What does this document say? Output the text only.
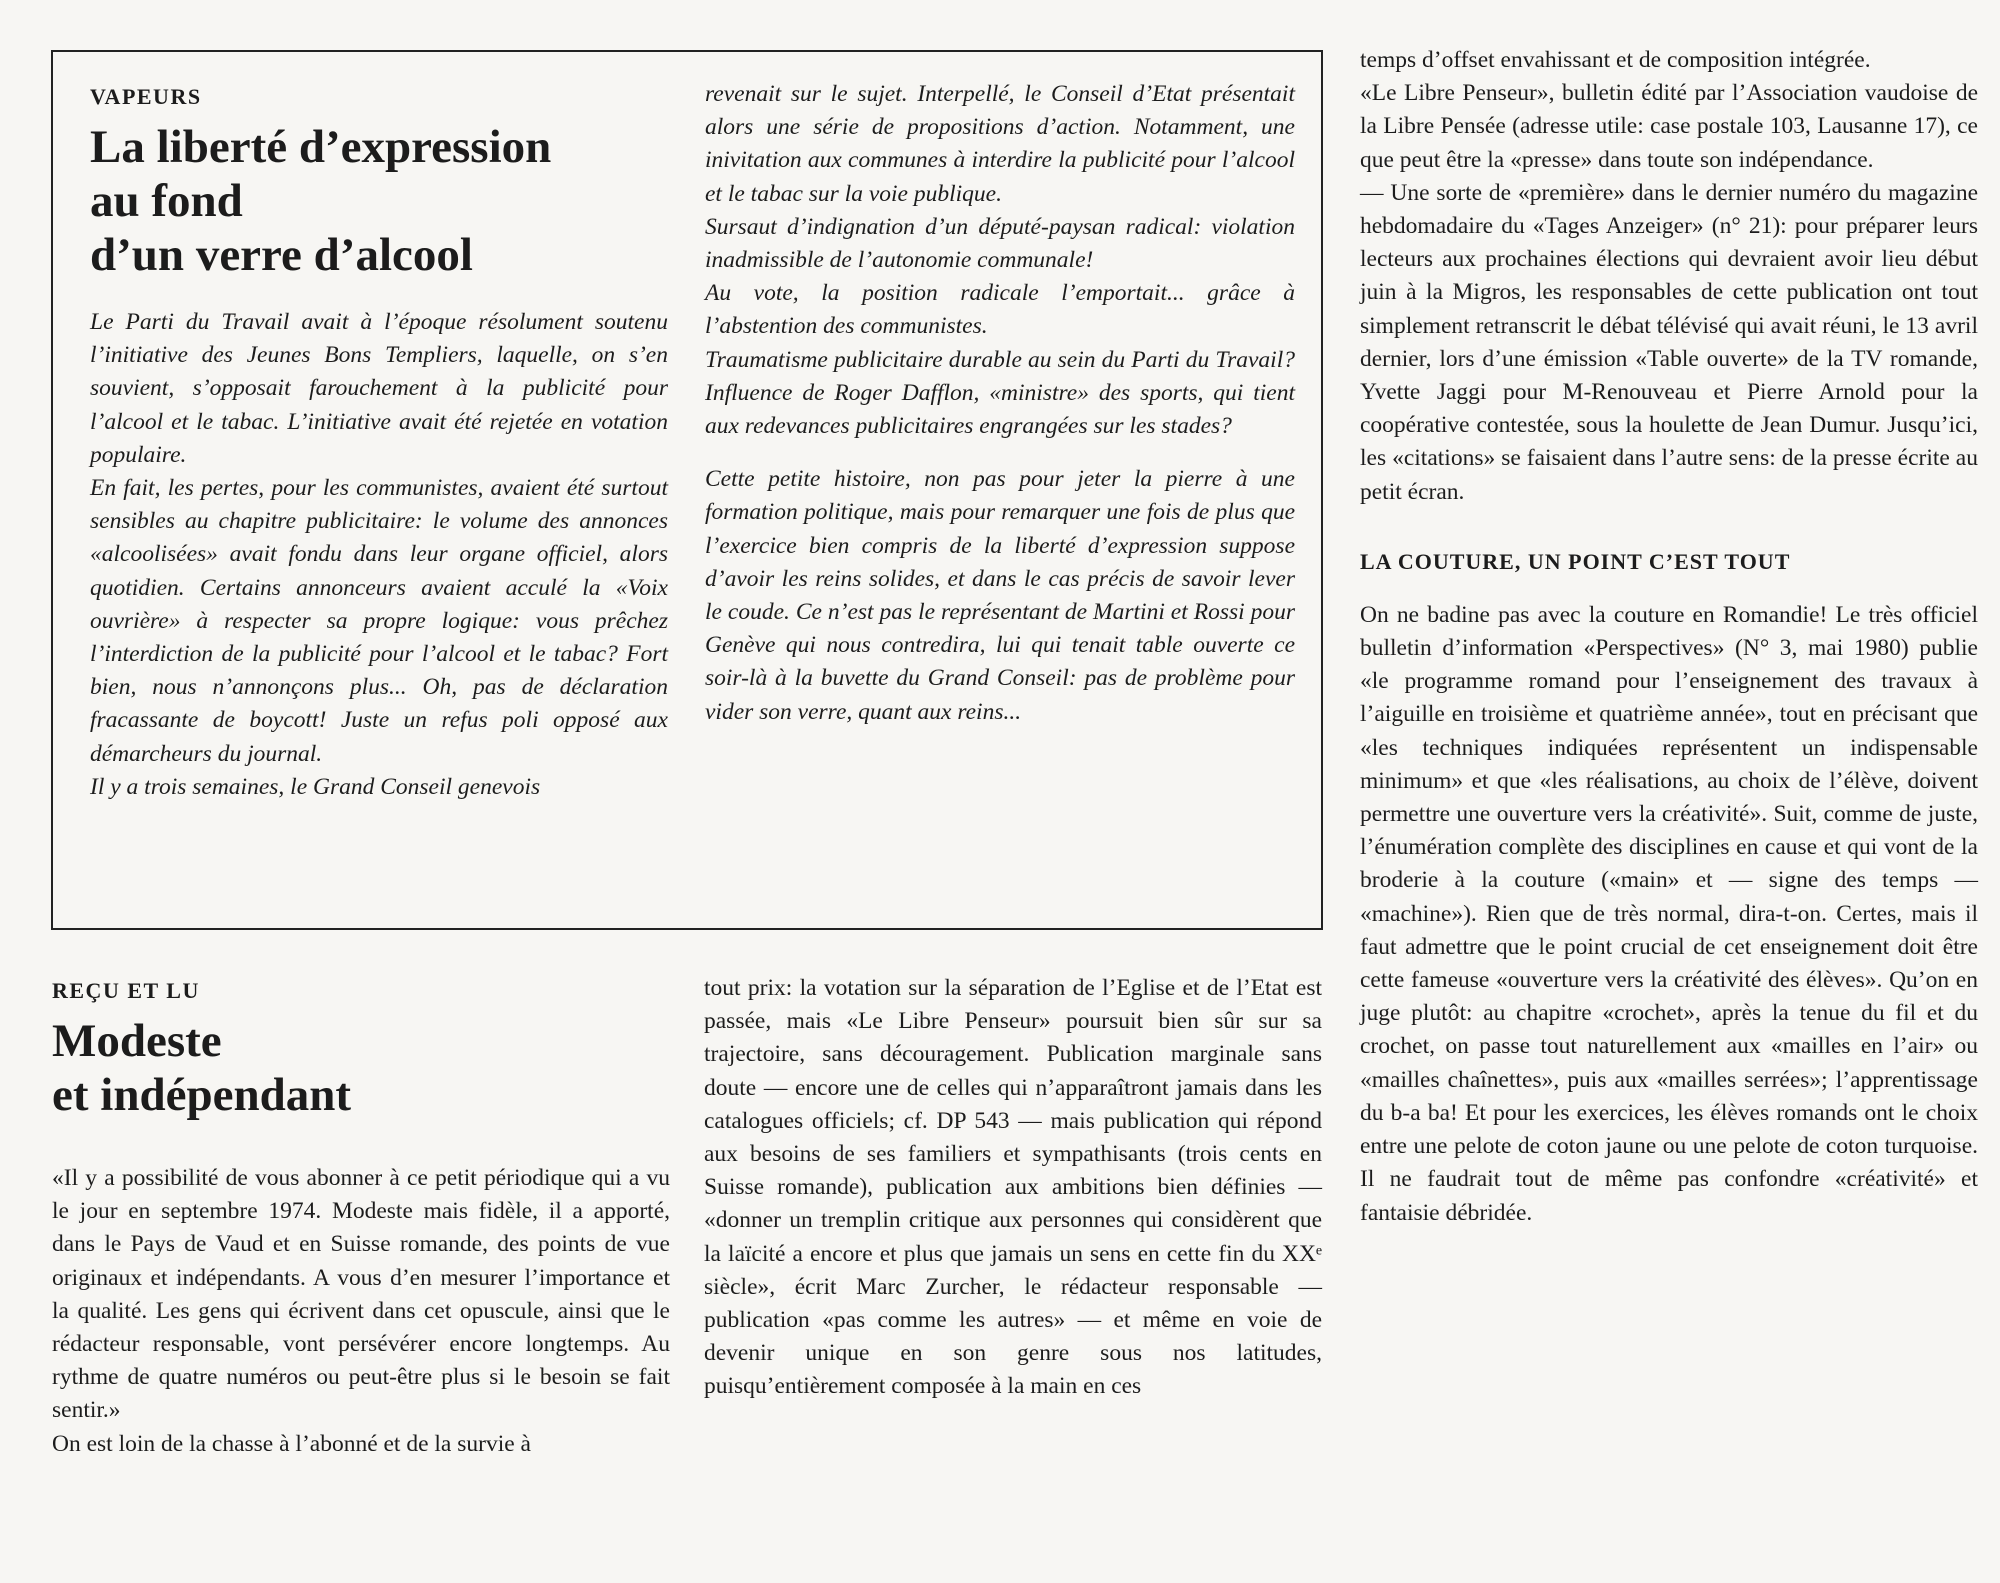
VAPEURS

La liberté d’expression
au fond
d’un verre d’alcool

Le Parti du Travail avait à l’époque résolument soutenu l’initiative des Jeunes Bons Templiers, laquelle, on s’en souvient, s’opposait farouchement à la publicité pour l’alcool et le tabac. L’initiative avait été rejetée en votation populaire.

En fait, les pertes, pour les communistes, avaient été surtout sensibles au chapitre publicitaire: le volume des annonces «alcoolisées» avait fondu dans leur organe officiel, alors quotidien. Certains annonceurs avaient acculé la «Voix ouvrière» à respecter sa propre logique: vous prêchez l’interdiction de la publicité pour l’alcool et le tabac? Fort bien, nous n’annonçons plus... Oh, pas de déclaration fracassante de boycott! Juste un refus poli opposé aux démarcheurs du journal.

Il y a trois semaines, le Grand Conseil genevois

revenait sur le sujet. Interpellé, le Conseil d’Etat présentait alors une série de propositions d’action. Notamment, une inivitation aux communes à interdire la publicité pour l’alcool et le tabac sur la voie publique.

Sursaut d’indignation d’un député-paysan radical: violation inadmissible de l’autonomie communale!

Au vote, la position radicale l’emportait... grâce à l’abstention des communistes.

Traumatisme publicitaire durable au sein du Parti du Travail? Influence de Roger Dafflon, «ministre» des sports, qui tient aux redevances publicitaires engrangées sur les stades?

Cette petite histoire, non pas pour jeter la pierre à une formation politique, mais pour remarquer une fois de plus que l’exercice bien compris de la liberté d’expression suppose d’avoir les reins solides, et dans le cas précis de savoir lever le coude. Ce n’est pas le représentant de Martini et Rossi pour Genève qui nous contredira, lui qui tenait table ouverte ce soir-là à la buvette du Grand Conseil: pas de problème pour vider son verre, quant aux reins...

REÇU ET LU

Modeste
et indépendant

«Il y a possibilité de vous abonner à ce petit périodique qui a vu le jour en septembre 1974. Modeste mais fidèle, il a apporté, dans le Pays de Vaud et en Suisse romande, des points de vue originaux et indépendants. A vous d’en mesurer l’importance et la qualité. Les gens qui écrivent dans cet opuscule, ainsi que le rédacteur responsable, vont persévérer encore longtemps. Au rythme de quatre numéros ou peut-être plus si le besoin se fait sentir.»

On est loin de la chasse à l’abonné et de la survie à

tout prix: la votation sur la séparation de l’Eglise et de l’Etat est passée, mais «Le Libre Penseur» poursuit bien sûr sur sa trajectoire, sans découragement. Publication marginale sans doute — encore une de celles qui n’apparaîtront jamais dans les catalogues officiels; cf. DP 543 — mais publication qui répond aux besoins de ses familiers et sympathisants (trois cents en Suisse romande), publication aux ambitions bien définies — «donner un tremplin critique aux personnes qui considèrent que la laïcité a encore et plus que jamais un sens en cette fin du XXᵉ siècle», écrit Marc Zurcher, le rédacteur responsable — publication «pas comme les autres» — et même en voie de devenir unique en son genre sous nos latitudes, puisqu’entièrement composée à la main en ces

temps d’offset envahissant et de composition intégrée.

«Le Libre Penseur», bulletin édité par l’Association vaudoise de la Libre Pensée (adresse utile: case postale 103, Lausanne 17), ce que peut être la «presse» dans toute son indépendance.

— Une sorte de «première» dans le dernier numéro du magazine hebdomadaire du «Tages Anzeiger» (n° 21): pour préparer leurs lecteurs aux prochaines élections qui devraient avoir lieu début juin à la Migros, les responsables de cette publication ont tout simplement retranscrit le débat télévisé qui avait réuni, le 13 avril dernier, lors d’une émission «Table ouverte» de la TV romande, Yvette Jaggi pour M-Renouveau et Pierre Arnold pour la coopérative contestée, sous la houlette de Jean Dumur. Jusqu’ici, les «citations» se faisaient dans l’autre sens: de la presse écrite au petit écran.

LA COUTURE, UN POINT C’EST TOUT

On ne badine pas avec la couture en Romandie! Le très officiel bulletin d’information «Perspectives» (N° 3, mai 1980) publie «le programme romand pour l’enseignement des travaux à l’aiguille en troisième et quatrième année», tout en précisant que «les techniques indiquées représentent un indispensable minimum» et que «les réalisations, au choix de l’élève, doivent permettre une ouverture vers la créativité». Suit, comme de juste, l’énumération complète des disciplines en cause et qui vont de la broderie à la couture («main» et — signe des temps — «machine»). Rien que de très normal, dira-t-on. Certes, mais il faut admettre que le point crucial de cet enseignement doit être cette fameuse «ouverture vers la créativité des élèves». Qu’on en juge plutôt: au chapitre «crochet», après la tenue du fil et du crochet, on passe tout naturellement aux «mailles en l’air» ou «mailles chaînettes», puis aux «mailles serrées»; l’apprentissage du b-a ba! Et pour les exercices, les élèves romands ont le choix entre une pelote de coton jaune ou une pelote de coton turquoise. Il ne faudrait tout de même pas confondre «créativité» et fantaisie débridée.
